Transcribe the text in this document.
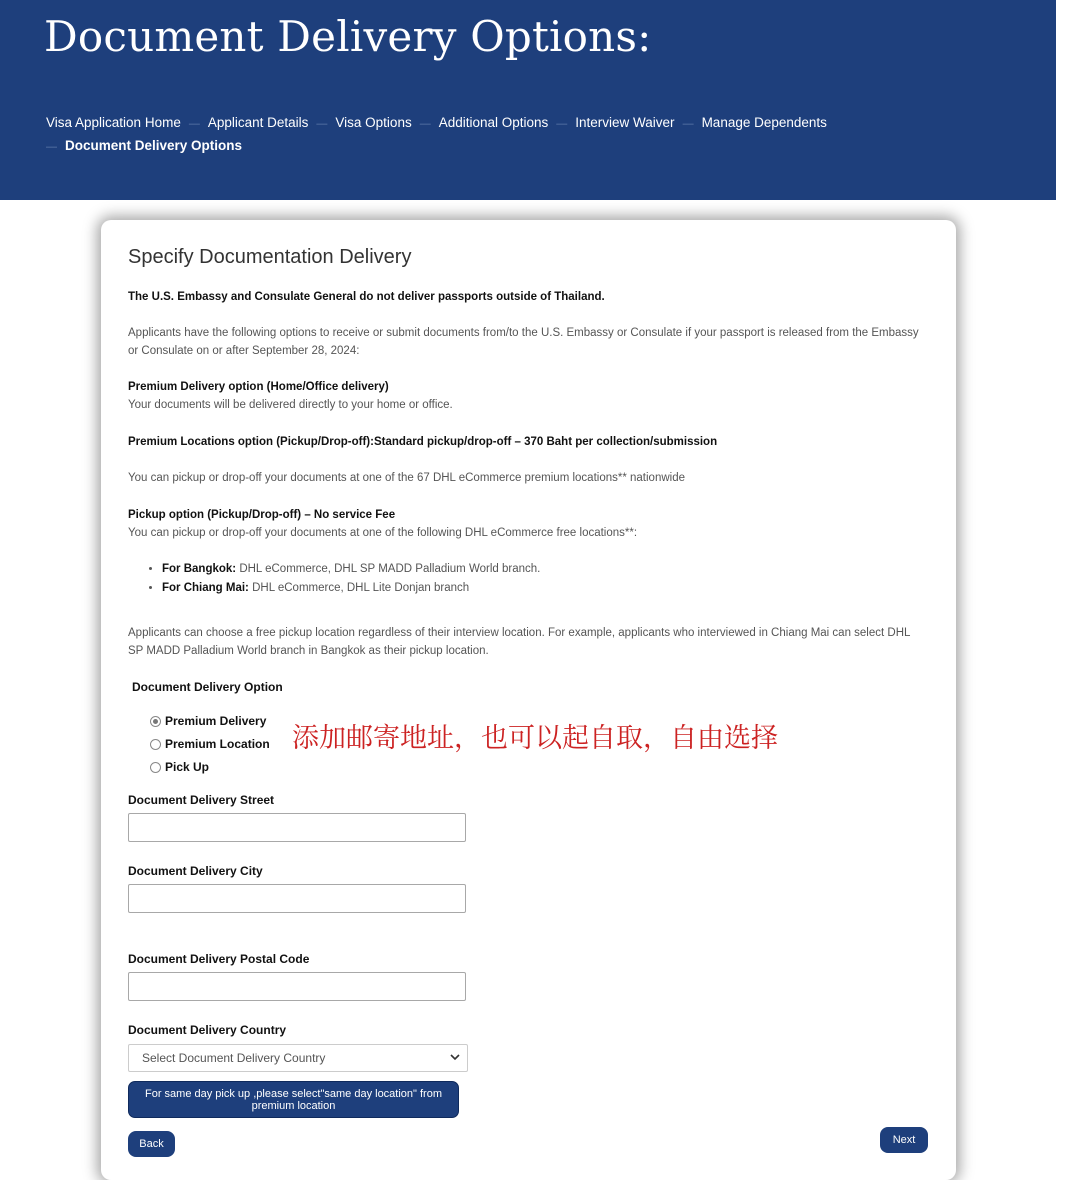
Document Delivery Options:
Visa Application Home — Applicant Details — Visa Options — Additional Options — Interview Waiver — Manage Dependents
— Document Delivery Options
Specify Documentation Delivery
The U.S. Embassy and Consulate General do not deliver passports outside of Thailand.
Applicants have the following options to receive or submit documents from/to the U.S. Embassy or Consulate if your passport is released from the Embassy or Consulate on or after September 28, 2024:
Premium Delivery option (Home/Office delivery)
Your documents will be delivered directly to your home or office.
Premium Locations option (Pickup/Drop-off):Standard pickup/drop-off – 370 Baht per collection/submission
You can pickup or drop-off your documents at one of the 67 DHL eCommerce premium locations** nationwide
Pickup option (Pickup/Drop-off) – No service Fee
You can pickup or drop-off your documents at one of the following DHL eCommerce free locations**:
• For Bangkok: DHL eCommerce, DHL SP MADD Palladium World branch.
• For Chiang Mai: DHL eCommerce, DHL Lite Donjan branch
Applicants can choose a free pickup location regardless of their interview location. For example, applicants who interviewed in Chiang Mai can select DHL SP MADD Palladium World branch in Bangkok as their pickup location.
Document Delivery Option
Premium Delivery
Premium Location
Pick Up
Document Delivery Street
Document Delivery City
Document Delivery Postal Code
Document Delivery Country
Select Document Delivery Country
For same day pick up ,please select"same day location" from premium location
Back	Next
添加邮寄地址，也可以起自取，自由选择
